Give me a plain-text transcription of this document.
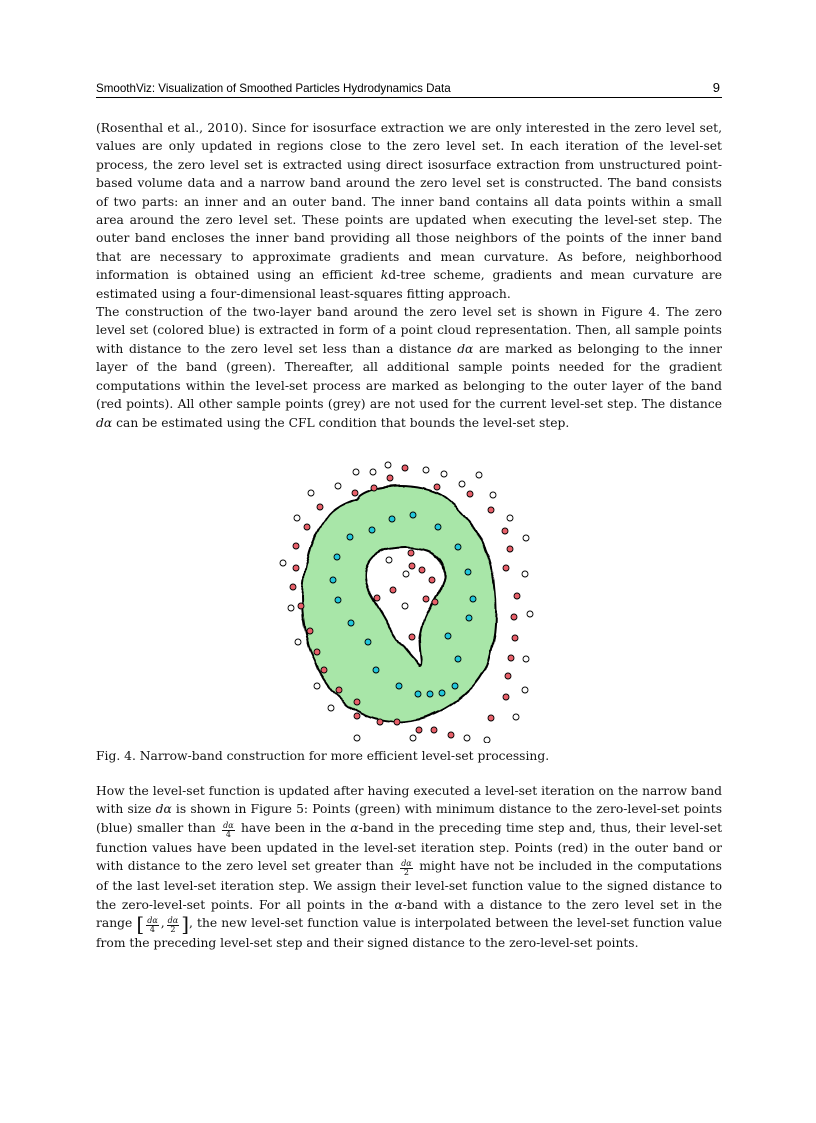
SmoothViz: Visualization of Smoothed Particles Hydrodynamics Data	9

(Rosenthal et al., 2010). Since for isosurface extraction we are only interested in the zero level set, values are only updated in regions close to the zero level set. In each iteration of the level-set process, the zero level set is extracted using direct isosurface extraction from unstructured point-based volume data and a narrow band around the zero level set is constructed. The band consists of two parts: an inner and an outer band. The inner band contains all data points within a small area around the zero level set. These points are updated when executing the level-set step. The outer band encloses the inner band providing all those neighbors of the points of the inner band that are necessary to approximate gradients and mean curvature. As before, neighborhood information is obtained using an efficient kd-tree scheme, gradients and mean curvature are estimated using a four-dimensional least-squares fitting approach.

The construction of the two-layer band around the zero level set is shown in Figure 4. The zero level set (colored blue) is extracted in form of a point cloud representation. Then, all sample points with distance to the zero level set less than a distance dα are marked as belonging to the inner layer of the band (green). Thereafter, all additional sample points needed for the gradient computations within the level-set process are marked as belonging to the outer layer of the band (red points). All other sample points (grey) are not used for the current level-set step. The distance dα can be estimated using the CFL condition that bounds the level-set step.

Fig. 4. Narrow-band construction for more efficient level-set processing.

How the level-set function is updated after having executed a level-set iteration on the narrow band with size dα is shown in Figure 5: Points (green) with minimum distance to the zero-level-set points (blue) smaller than $\frac{d\alpha}{4}$ have been in the α-band in the preceding time step and, thus, their level-set function values have been updated in the level-set iteration step. Points (red) in the outer band or with distance to the zero level set greater than $\frac{d\alpha}{2}$ might have not be included in the computations of the last level-set iteration step. We assign their level-set function value to the signed distance to the zero-level-set points. For all points in the α-band with a distance to the zero level set in the range [ $\frac{d\alpha}{4}$ , $\frac{d\alpha}{2}$ ], the new level-set function value is interpolated between the level-set function value from the preceding level-set step and their signed distance to the zero-level-set points.
